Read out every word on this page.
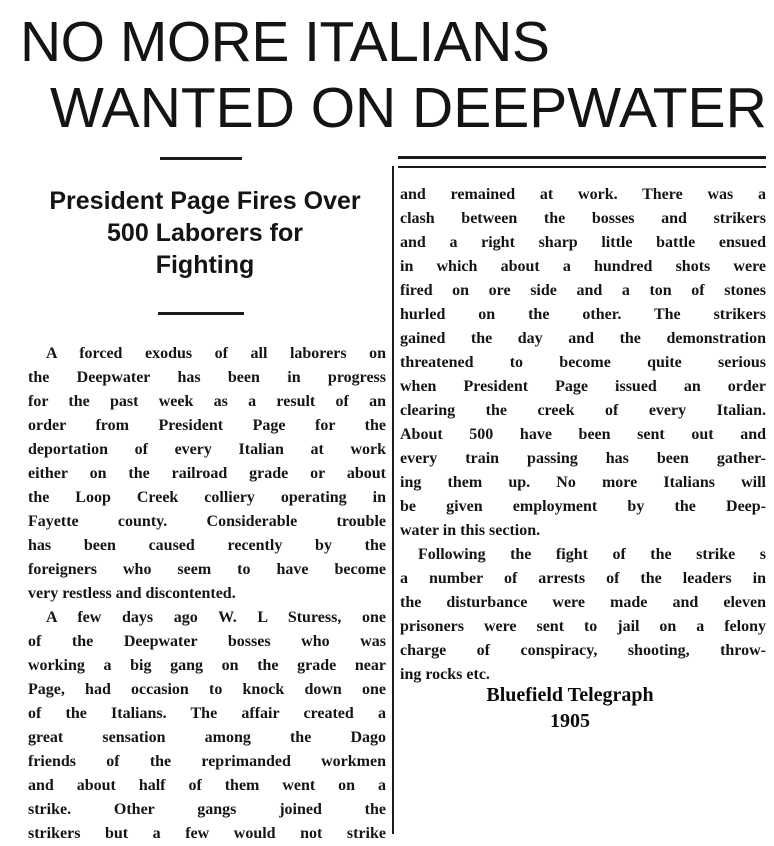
NO MORE ITALIANS
WANTED ON DEEPWATER
President Page Fires Over
500 Lаborers for
Fighting
A fоrced exodus of all laborers on
the Deepwater has been in progress
for thе past week as a result of an
order from President Page for the
deportation of every Italian at work
either on the railroad grade or about
the Loop Creek colliery operating in
Fayette county. Considerable trouble
has been caused recently by the
foreigners who seem to have become
very restless and discontented.
A few days ago W. L Sturess, one
of the Deepwater bosses who was
working a big gang on the grade near
Page, had occasion to knock down one
of the Italians. The affair created a
great sensation among the Dago
friends of the reprimanded workmen
and about half of them went on a
strike. Other gangs joined the
strikers but a few would not strike
and remained at work. There was a
clash between the bosses and strikers
and a right sharp little battle ensued
in which about a hundred shots were
fired on ore side and a ton of stones
hurled on the other. The strikers
gained the day and the demonstration
threatened to become quite serious
when President Page issued an order
clearing the creek of every Italian.
About 500 have been sent out and
every train passing has been gather-
ing them up. No more Italians will
be given employment by the Deep-
water in this section.
Following the fight of the strike s
a number of arrests of the leaders in
the disturbance were made and eleven
prisoners were sent to jail on a felony
charge of conspiracy, shooting, throw-
ing rocks etc.
Bluefield Telegraph
1905
